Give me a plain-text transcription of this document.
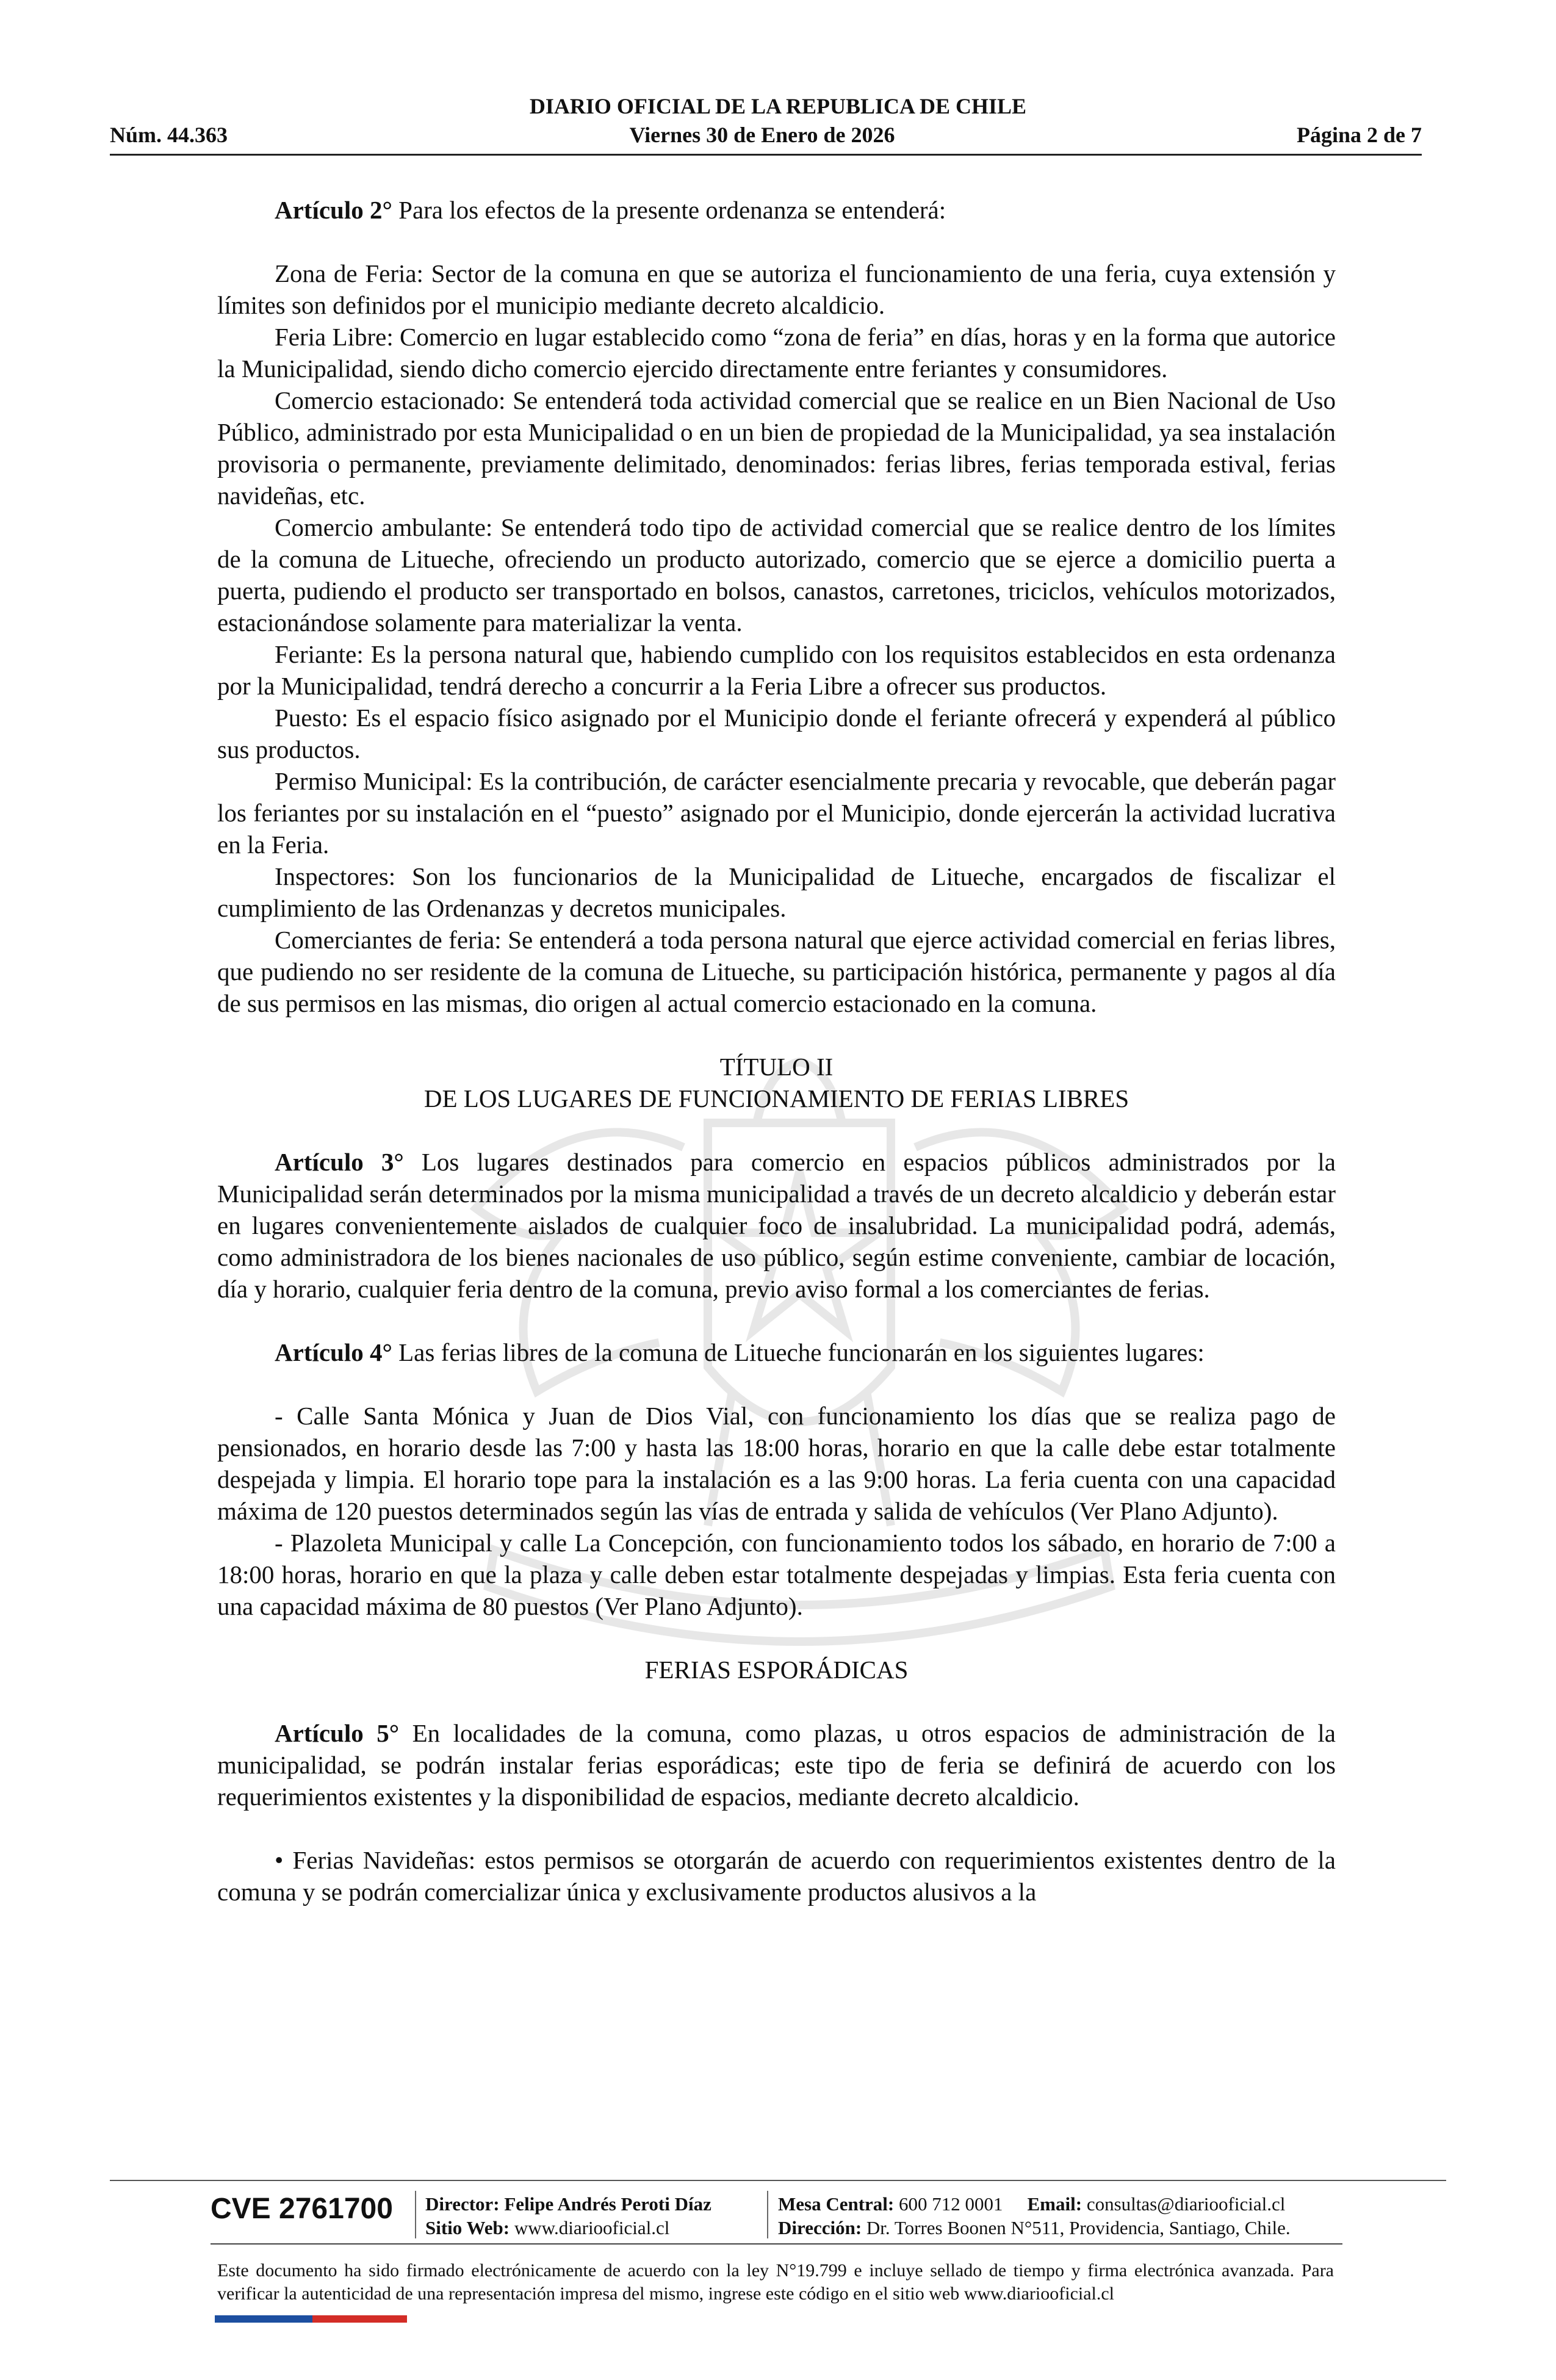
DIARIO OFICIAL DE LA REPUBLICA DE CHILE
Núm. 44.363	Viernes 30 de Enero de 2026	Página 2 de 7

Artículo 2° Para los efectos de la presente ordenanza se entenderá:

Zona de Feria: Sector de la comuna en que se autoriza el funcionamiento de una feria, cuya extensión y límites son definidos por el municipio mediante decreto alcaldicio.

Feria Libre: Comercio en lugar establecido como “zona de feria” en días, horas y en la forma que autorice la Municipalidad, siendo dicho comercio ejercido directamente entre feriantes y consumidores.

Comercio estacionado: Se entenderá toda actividad comercial que se realice en un Bien Nacional de Uso Público, administrado por esta Municipalidad o en un bien de propiedad de la Municipalidad, ya sea instalación provisoria o permanente, previamente delimitado, denominados: ferias libres, ferias temporada estival, ferias navideñas, etc.

Comercio ambulante: Se entenderá todo tipo de actividad comercial que se realice dentro de los límites de la comuna de Litueche, ofreciendo un producto autorizado, comercio que se ejerce a domicilio puerta a puerta, pudiendo el producto ser transportado en bolsos, canastos, carretones, triciclos, vehículos motorizados, estacionándose solamente para materializar la venta.

Feriante: Es la persona natural que, habiendo cumplido con los requisitos establecidos en esta ordenanza por la Municipalidad, tendrá derecho a concurrir a la Feria Libre a ofrecer sus productos.

Puesto: Es el espacio físico asignado por el Municipio donde el feriante ofrecerá y expenderá al público sus productos.

Permiso Municipal: Es la contribución, de carácter esencialmente precaria y revocable, que deberán pagar los feriantes por su instalación en el “puesto” asignado por el Municipio, donde ejercerán la actividad lucrativa en la Feria.

Inspectores: Son los funcionarios de la Municipalidad de Litueche, encargados de fiscalizar el cumplimiento de las Ordenanzas y decretos municipales.

Comerciantes de feria: Se entenderá a toda persona natural que ejerce actividad comercial en ferias libres, que pudiendo no ser residente de la comuna de Litueche, su participación histórica, permanente y pagos al día de sus permisos en las mismas, dio origen al actual comercio estacionado en la comuna.

TÍTULO II

DE LOS LUGARES DE FUNCIONAMIENTO DE FERIAS LIBRES

Artículo 3° Los lugares destinados para comercio en espacios públicos administrados por la Municipalidad serán determinados por la misma municipalidad a través de un decreto alcaldicio y deberán estar en lugares convenientemente aislados de cualquier foco de insalubridad. La municipalidad podrá, además, como administradora de los bienes nacionales de uso público, según estime conveniente, cambiar de locación, día y horario, cualquier feria dentro de la comuna, previo aviso formal a los comerciantes de ferias.

Artículo 4° Las ferias libres de la comuna de Litueche funcionarán en los siguientes lugares:

- Calle Santa Mónica y Juan de Dios Vial, con funcionamiento los días que se realiza pago de pensionados, en horario desde las 7:00 y hasta las 18:00 horas, horario en que la calle debe estar totalmente despejada y limpia. El horario tope para la instalación es a las 9:00 horas. La feria cuenta con una capacidad máxima de 120 puestos determinados según las vías de entrada y salida de vehículos (Ver Plano Adjunto).

- Plazoleta Municipal y calle La Concepción, con funcionamiento todos los sábado, en horario de 7:00 a 18:00 horas, horario en que la plaza y calle deben estar totalmente despejadas y limpias. Esta feria cuenta con una capacidad máxima de 80 puestos (Ver Plano Adjunto).

FERIAS ESPORÁDICAS

Artículo 5° En localidades de la comuna, como plazas, u otros espacios de administración de la municipalidad, se podrán instalar ferias esporádicas; este tipo de feria se definirá de acuerdo con los requerimientos existentes y la disponibilidad de espacios, mediante decreto alcaldicio.

• Ferias Navideñas: estos permisos se otorgarán de acuerdo con requerimientos existentes dentro de la comuna y se podrán comercializar única y exclusivamente productos alusivos a la

CVE 2761700 Director: Felipe Andrés Peroti Díaz
Sitio Web: www.diariooficial.cl
Mesa Central: 600 712 0001 Email: consultas@diariooficial.cl
Dirección: Dr. Torres Boonen N°511, Providencia, Santiago, Chile.
Este documento ha sido firmado electrónicamente de acuerdo con la ley N°19.799 e incluye sellado de tiempo y firma electrónica avanzada. Para verificar la autenticidad de una representación impresa del mismo, ingrese este código en el sitio web www.diariooficial.cl
